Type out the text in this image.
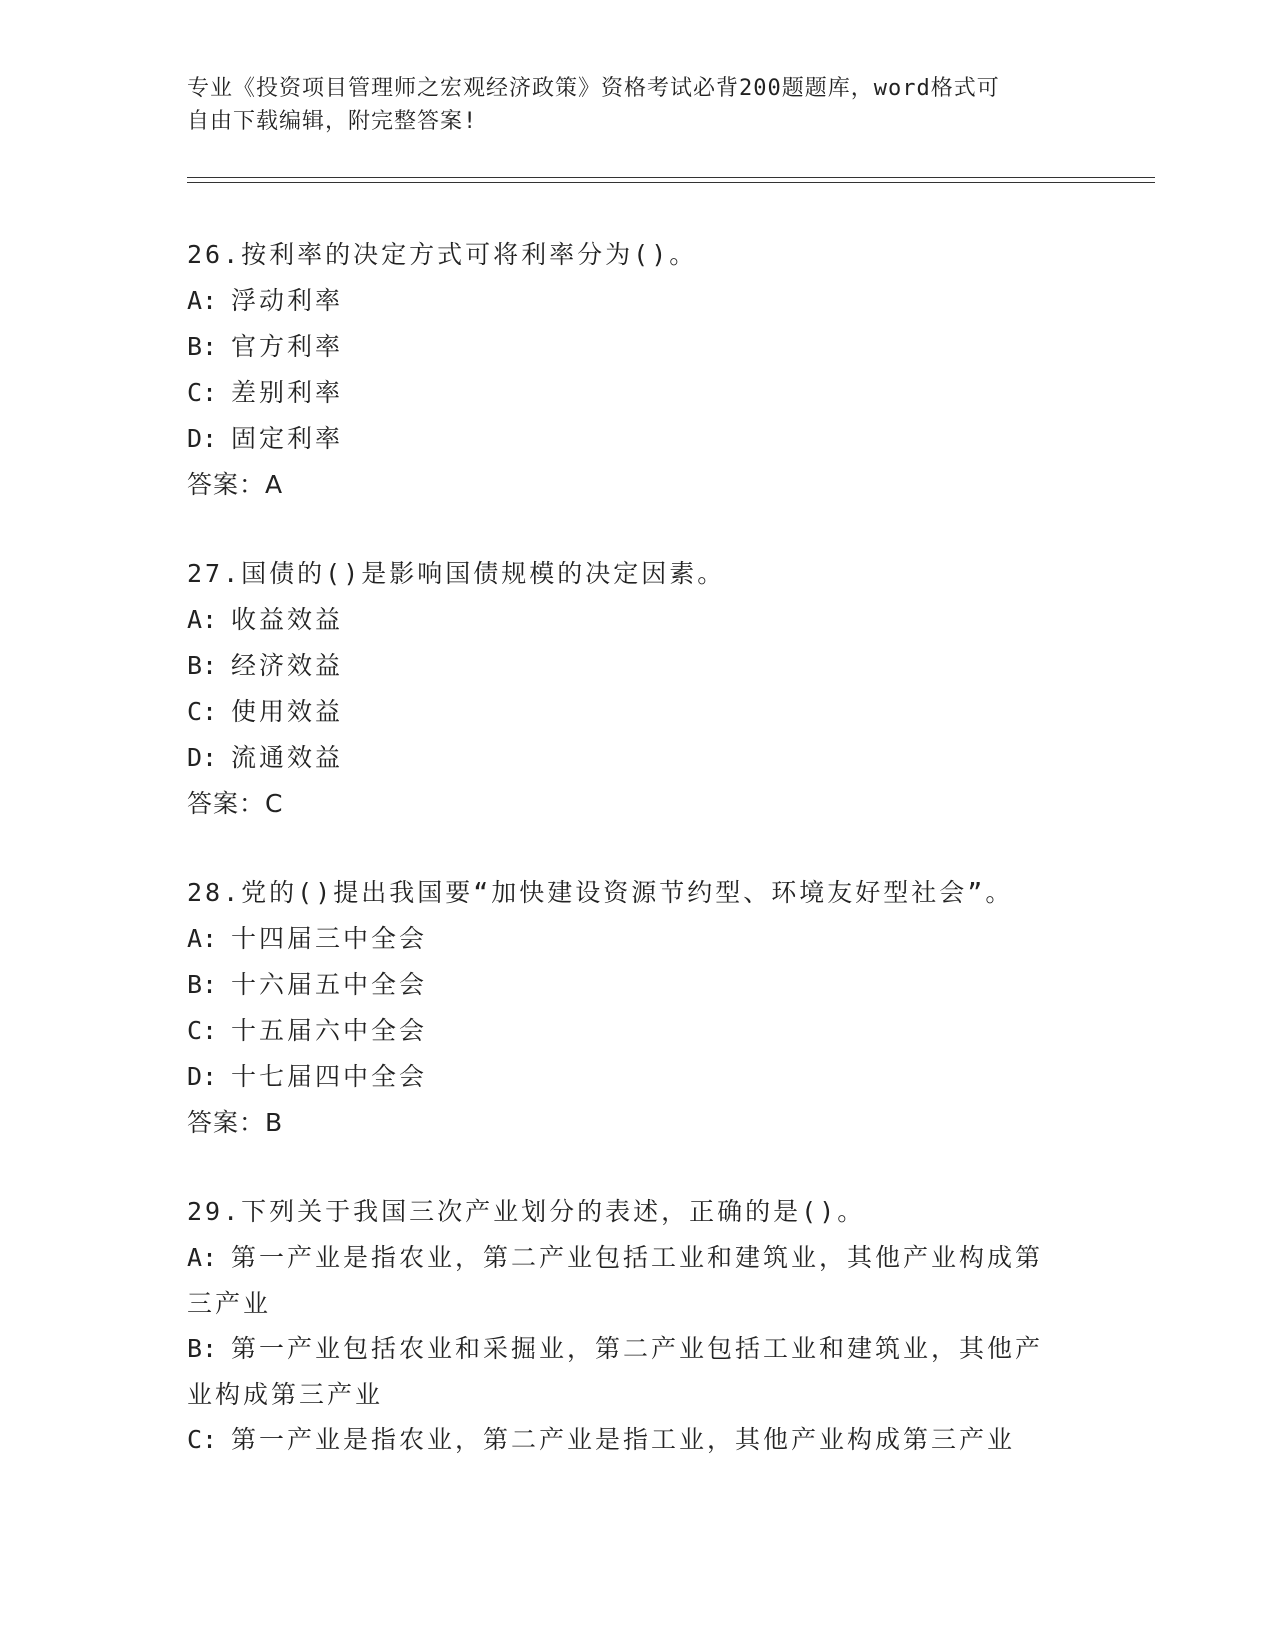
专业《投资项目管理师之宏观经济政策》资格考试必背200题题库，word格式可
自由下载编辑，附完整答案!

26.按利率的决定方式可将利率分为()。

A: 浮动利率

B: 官方利率

C: 差别利率

D: 固定利率

答案：A

27.国债的()是影响国债规模的决定因素。

A: 收益效益

B: 经济效益

C: 使用效益

D: 流通效益

答案：C

28.党的()提出我国要“加快建设资源节约型、环境友好型社会”。

A: 十四届三中全会

B: 十六届五中全会

C: 十五届六中全会

D: 十七届四中全会

答案：B

29.下列关于我国三次产业划分的表述，正确的是()。

A: 第一产业是指农业，第二产业包括工业和建筑业，其他产业构成第

三产业

B: 第一产业包括农业和采掘业，第二产业包括工业和建筑业，其他产

业构成第三产业

C: 第一产业是指农业，第二产业是指工业，其他产业构成第三产业
